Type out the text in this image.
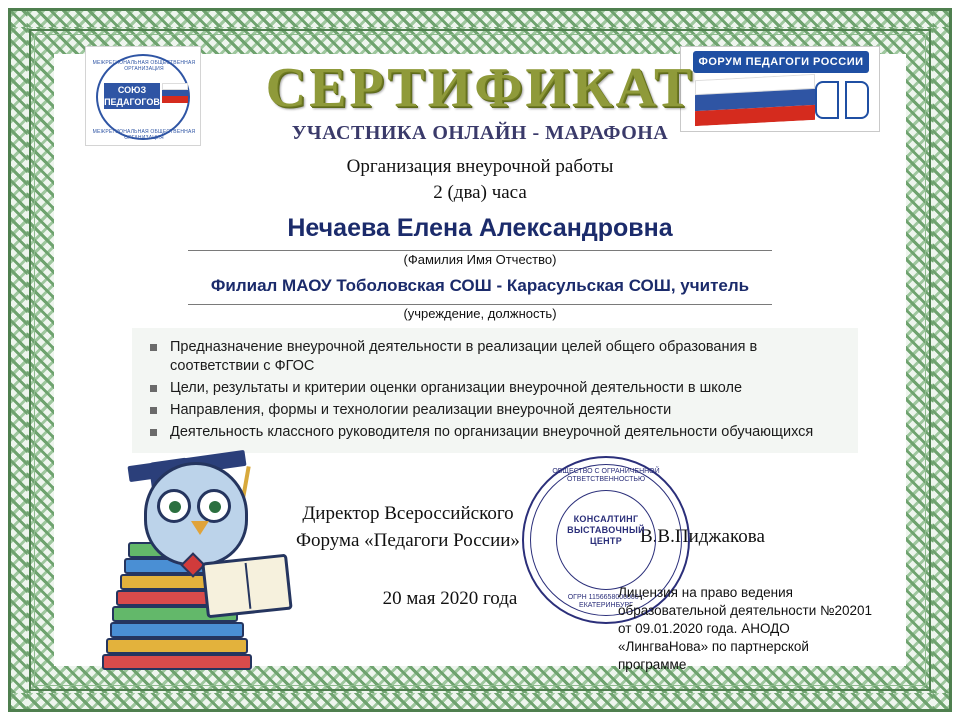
МЕЖРЕГИОНАЛЬНАЯ ОБЩЕСТВЕННАЯ ОРГАНИЗАЦИЯ
СОЮЗ
ПЕДАГОГОВ
МЕЖРЕГИОНАЛЬНАЯ ОБЩЕСТВЕННАЯ ОРГАНИЗАЦИЯ
ФОРУМ ПЕДАГОГИ РОССИИ
СЕРТИФИКАТ
УЧАСТНИКА ОНЛАЙН - МАРАФОНА
Организация внеурочной работы
2 (два) часа
Нечаева Елена Александровна
(Фамилия Имя Отчество)
Филиал МАОУ Тоболовская СОШ - Карасульская СОШ, учитель
(учреждение, должность)
Предназначение внеурочной деятельности в реализации целей общего образования в соответствии с ФГОС
Цели, результаты и критерии оценки организации внеурочной деятельности в школе
Направления, формы и технологии реализации внеурочной деятельности
Деятельность классного руководителя по организации внеурочной деятельности обучающихся
Директор Всероссийского
Форума «Педагоги России»	В.В.Пиджакова
20 мая 2020 года
ОБЩЕСТВО С ОГРАНИЧЕННОЙ ОТВЕТСТВЕННОСТЬЮ
КОНСАЛТИНГ ВЫСТАВОЧНЫЙ ЦЕНТР
ОГРН 1156658000000 г. ЕКАТЕРИНБУРГ
Лицензия на право ведения образовательной деятельности №20201 от 09.01.2020 года. АНОДО «ЛингваНова» по партнерской программе
